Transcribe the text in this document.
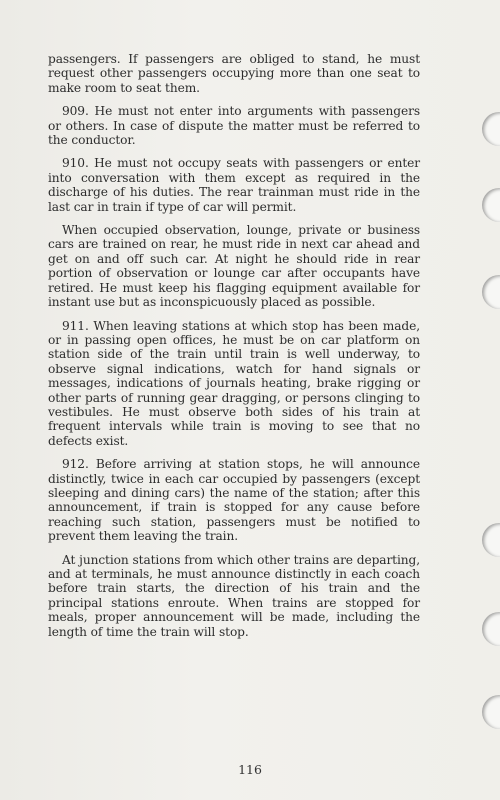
passengers. If passengers are obliged to stand, he must request other passengers occupying more than one seat to make room to seat them.

909. He must not enter into arguments with passengers or others. In case of dispute the matter must be referred to the conductor.

910. He must not occupy seats with passengers or enter into conversation with them except as required in the discharge of his duties. The rear trainman must ride in the last car in train if type of car will permit.

When occupied observation, lounge, private or business cars are trained on rear, he must ride in next car ahead and get on and off such car. At night he should ride in rear portion of observation or lounge car after occupants have retired. He must keep his flagging equipment available for instant use but as inconspicuously placed as possible.

911. When leaving stations at which stop has been made, or in passing open offices, he must be on car platform on station side of the train until train is well underway, to observe signal indications, watch for hand signals or messages, indications of journals heating, brake rigging or other parts of running gear dragging, or persons clinging to vestibules. He must observe both sides of his train at frequent intervals while train is moving to see that no defects exist.

912. Before arriving at station stops, he will announce distinctly, twice in each car occupied by passengers (except sleeping and dining cars) the name of the station; after this announcement, if train is stopped for any cause before reaching such station, passengers must be notified to prevent them leaving the train.

At junction stations from which other trains are departing, and at terminals, he must announce distinctly in each coach before train starts, the direction of his train and the principal stations enroute. When trains are stopped for meals, proper announcement will be made, including the length of time the train will stop.

116
